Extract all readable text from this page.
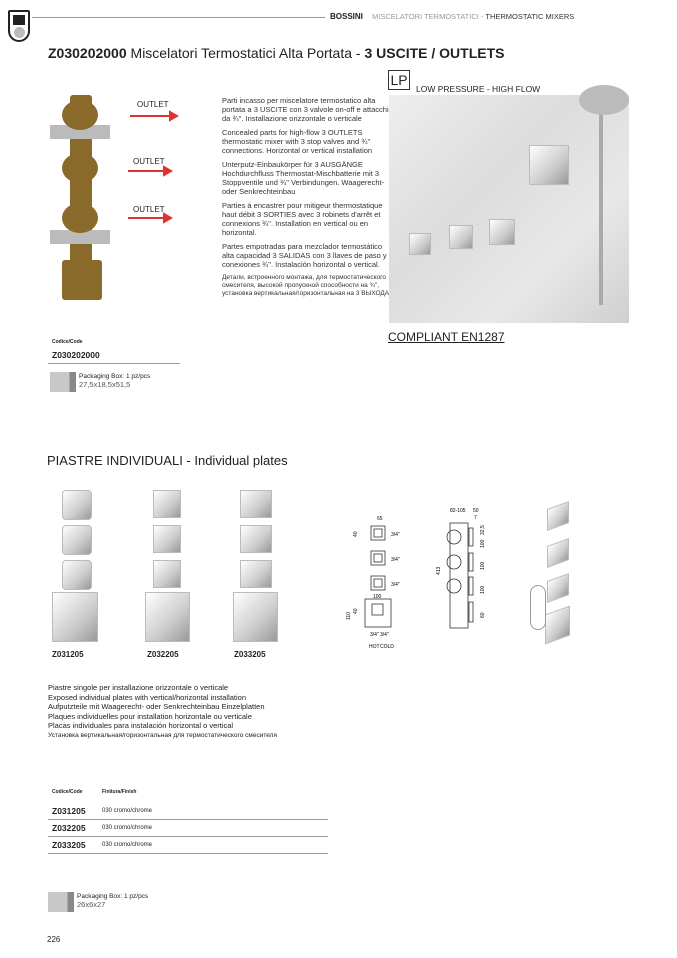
BOSSINI MISCELATORI TERMOSTATICI - THERMOSTATIC MIXERS
Z030202000 Miscelatori Termostatici Alta Portata - 3 USCITE / OUTLETS
OUTLET
OUTLET
OUTLET

Parti incasso per miscelatore termostatico alta portata a 3 USCITE con 3 valvole on-off e attacchi da ¾". Installazione orizzontale o verticale

Concealed parts for high-flow 3 OUTLETS thermostatic mixer with 3 stop valves and ¾" connections. Horizontal or vertical installation

Unterputz-Einbaukörper für 3 AUSGÄNGE Hochdurchfluss Thermostat-Mischbatterie mit 3 Stoppventile und ¾" Verbindungen. Waagerecht- oder Senkrechteinbau

Parties à encastrer pour mitigeur thermostatique haut débit 3 SORTIES avec 3 robinets d'arrêt et connexions ¾". Installation en vertical ou en horizontal.

Partes empotradas para mezclador termostático alta capacidad 3 SALIDAS con 3 llaves de paso y conexiones ¾". Instalación horizontal o vertical.

Детали, встроенного монтажа, для термостатического смесителя, высокой пропускной способности на ¾", установка вертикальная/горизонтальная на 3 ВЫХОДА

LP
LOW PRESSURE - HIGH FLOW
COMPLIANT EN1287
Codice/Code
Z030202000
Packaging Box: 1 pz/pcs
27,5x18,5x51,5
PIASTRE INDIVIDUALI - Individual plates
Z031205	Z032205	Z033205
65
40
100
110
40
3/4"
3/4"
3/4"
3/4" 3/4"
HOT COLD
82-105 50
7
32,5
100
100
100
60
413
Piastre singole per installazione orizzontale o verticale
Exposed individual plates with vertical/horizontal installation
Aufputzteile mit Waagerecht- oder Senkrechteinbau Einzelplatten
Plaques individuelles pour installation horizontale ou verticale
Placas individuales para instalación horizontal o vertical
Установка вертикальная/горизонтальная для термостатического смесителя
Codice/Code	Finitura/Finish
Z031205	030 cromo/chrome
Z032205	030 cromo/chrome
Z033205	030 cromo/chrome
Packaging Box: 1 pz/pcs
26x6x27
226
